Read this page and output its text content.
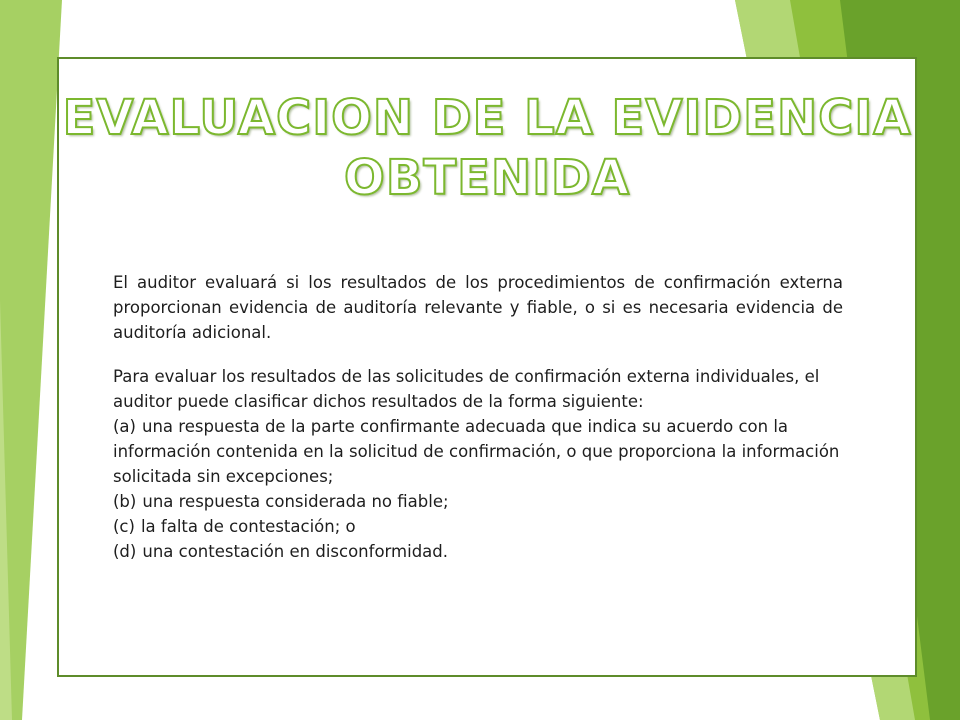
EVALUACION DE LA EVIDENCIA
OBTENIDA

El auditor evaluará si los resultados de los procedimientos de confirmación externa proporcionan evidencia de auditoría relevante y fiable, o si es necesaria evidencia de auditoría adicional.

Para evaluar los resultados de las solicitudes de confirmación externa individuales, el auditor puede clasificar dichos resultados de la forma siguiente:

(a) una respuesta de la parte confirmante adecuada que indica su acuerdo con la información contenida en la solicitud de confirmación, o que proporciona la información solicitada sin excepciones;
(b) una respuesta considerada no fiable;
(c) la falta de contestación; o
(d) una contestación en disconformidad.
